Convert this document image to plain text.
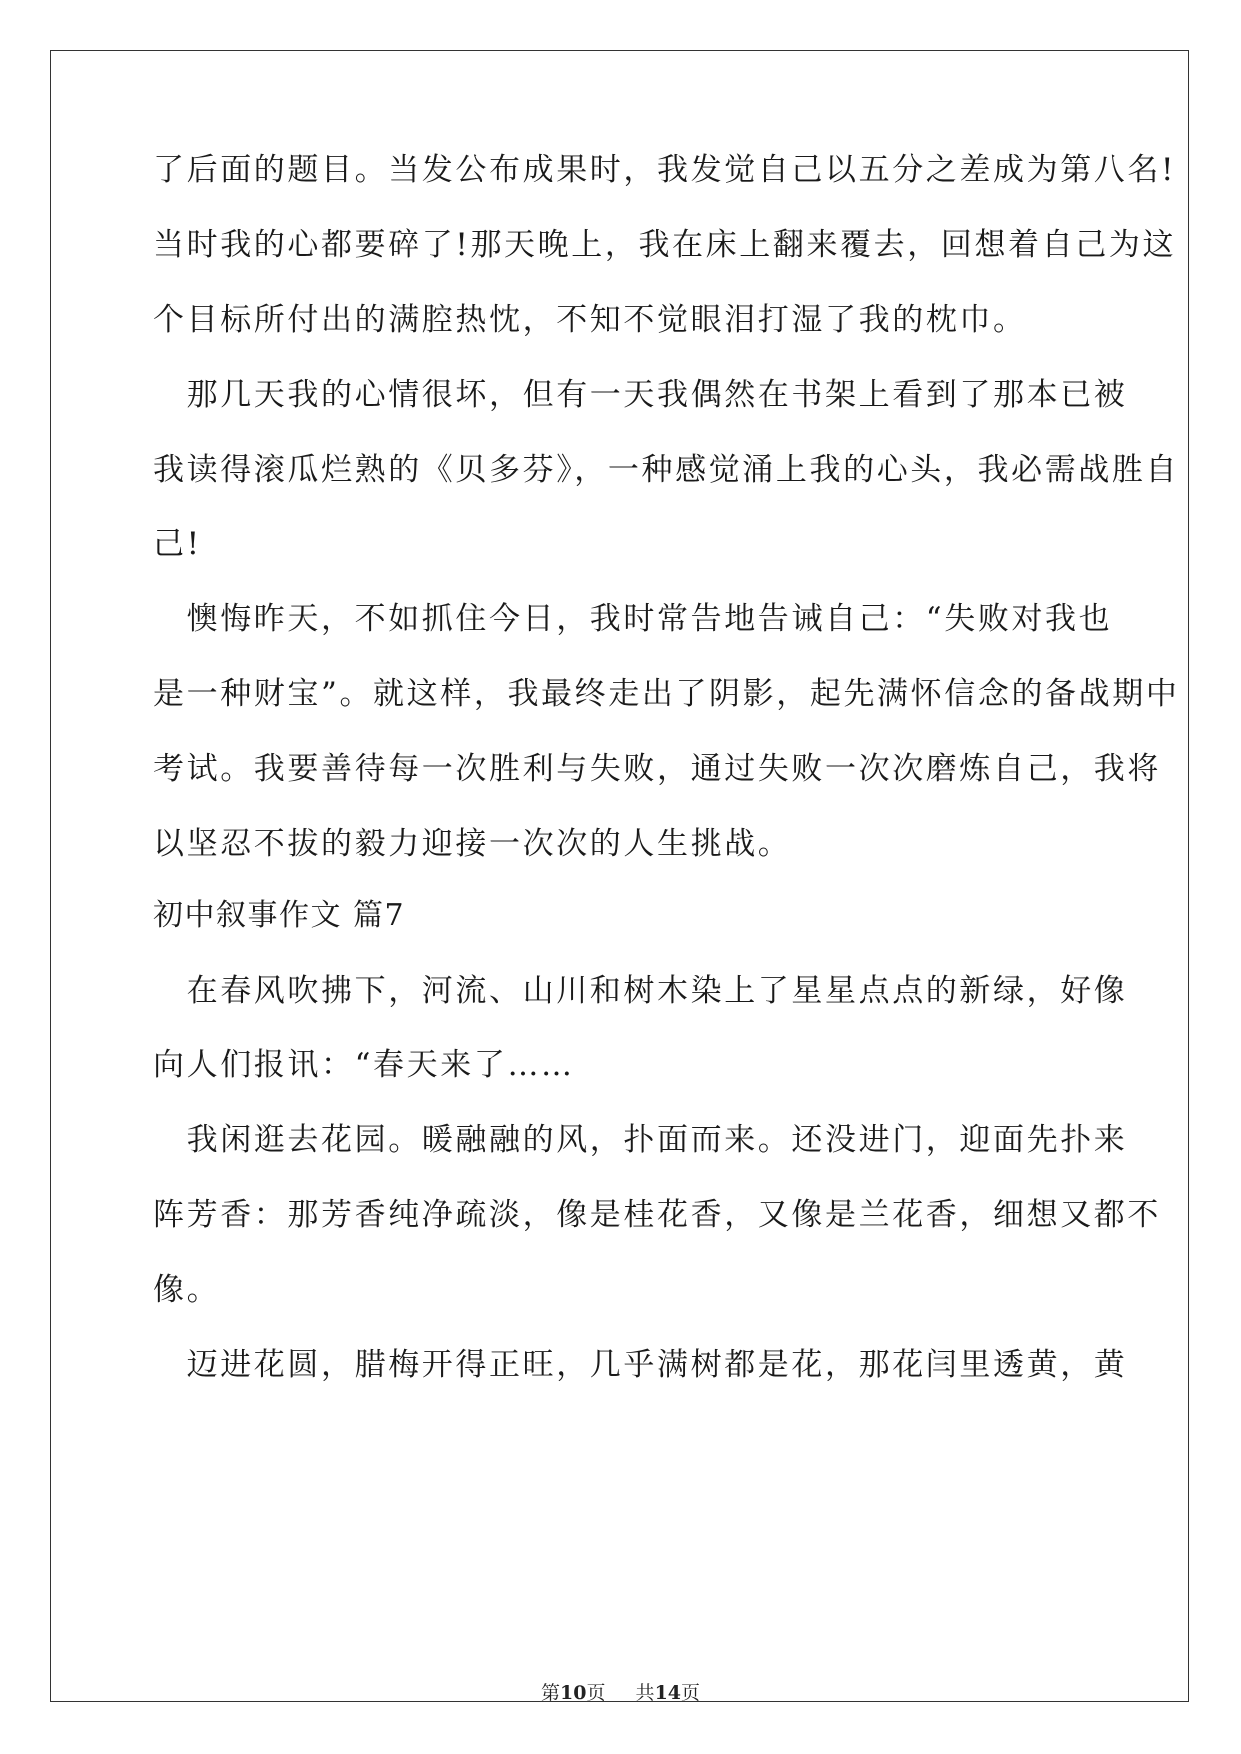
了后面的题目。当发公布成果时，我发觉自己以五分之差成为第八名!
当时我的心都要碎了!那天晚上，我在床上翻来覆去，回想着自己为这
个目标所付出的满腔热忱，不知不觉眼泪打湿了我的枕巾。
　那几天我的心情很坏，但有一天我偶然在书架上看到了那本已被
我读得滚瓜烂熟的《贝多芬》，一种感觉涌上我的心头，我必需战胜自
己!
　懊悔昨天，不如抓住今日，我时常告地告诫自己：“失败对我也
是一种财宝”。就这样，我最终走出了阴影，起先满怀信念的备战期中
考试。我要善待每一次胜利与失败，通过失败一次次磨炼自己，我将
以坚忍不拔的毅力迎接一次次的人生挑战。
初中叙事作文 篇7
　在春风吹拂下，河流、山川和树木染上了星星点点的新绿，好像
向人们报讯：“春天来了……
　我闲逛去花园。暖融融的风，扑面而来。还没进门，迎面先扑来
阵芳香：那芳香纯净疏淡，像是桂花香，又像是兰花香，细想又都不
像。
　迈进花圆，腊梅开得正旺，几乎满树都是花，那花闫里透黄，黄
第10页 共14页
